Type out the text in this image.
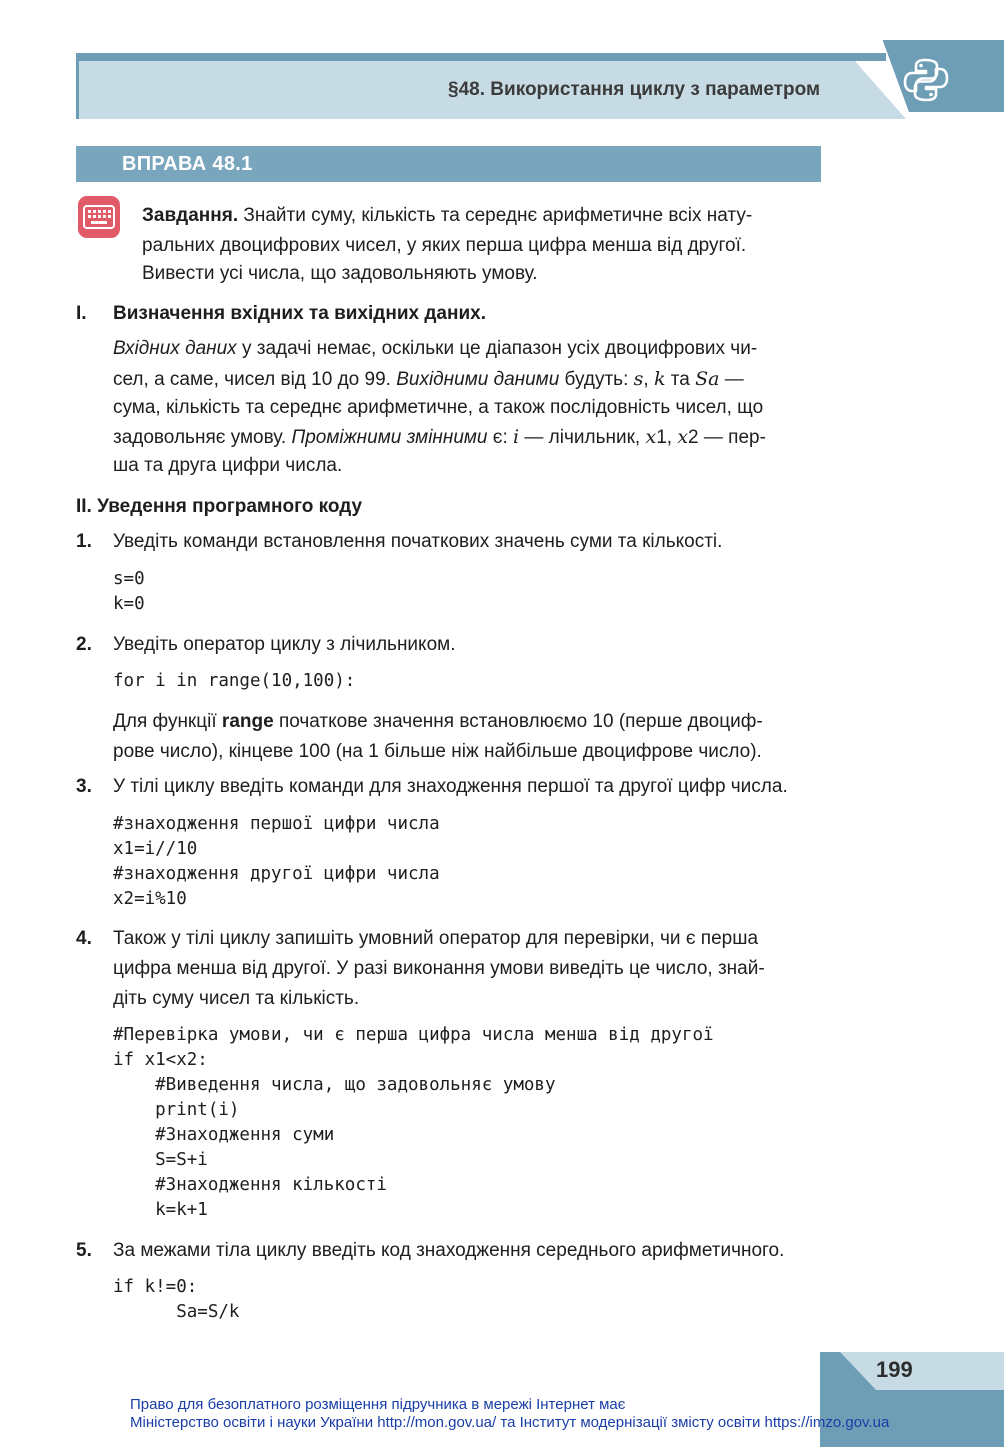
§48. Використання циклу з параметром
ВПРАВА 48.1
Завдання. Знайти суму, кількість та середнє арифметичне всіх нату-
ральних двоцифрових чисел, у яких перша цифра менша від другої.
Вивести усі числа, що задовольняють умову.
I. Визначення вхідних та вихідних даних.
Вхідних даних у задачі немає, оскільки це діапазон усіх двоцифрових чи-
сел, а саме, чисел від 10 до 99. Вихідними даними будуть: s, k та Sa —
сума, кількість та середнє арифметичне, а також послідовність чисел, що
задовольняє умову. Проміжними змінними є: i — лічильник, x1, x2 — пер-
ша та друга цифри числа.
II. Уведення програмного коду
1. Уведіть команди встановлення початкових значень суми та кількості.
s=0
k=0
2. Уведіть оператор циклу з лічильником.
for i in range(10,100):
Для функції range початкове значення встановлюємо 10 (перше двоциф-
рове число), кінцеве 100 (на 1 більше ніж найбільше двоцифрове число).
3. У тілі циклу введіть команди для знаходження першої та другої цифр числа.
#знаходження першої цифри числа
x1=i//10
#знаходження другої цифри числа
x2=i%10
4. Також у тілі циклу запишіть умовний оператор для перевірки, чи є перша
цифра менша від другої. У разі виконання умови виведіть це число, знай-
діть суму чисел та кількість.
#Перевірка умови, чи є перша цифра числа менша від другої
if x1<x2:
#Виведення числа, що задовольняє умову
print(i)
#Знаходження суми
S=S+i
#Знаходження кількості
k=k+1
5. За межами тіла циклу введіть код знаходження середнього арифметичного.
if k!=0:
Sa=S/k
199
Право для безоплатного розміщення підручника в мережі Інтернет має
Міністерство освіти і науки України http://mon.gov.ua/ та Інститут модернізації змісту освіти https://imzo.gov.ua
